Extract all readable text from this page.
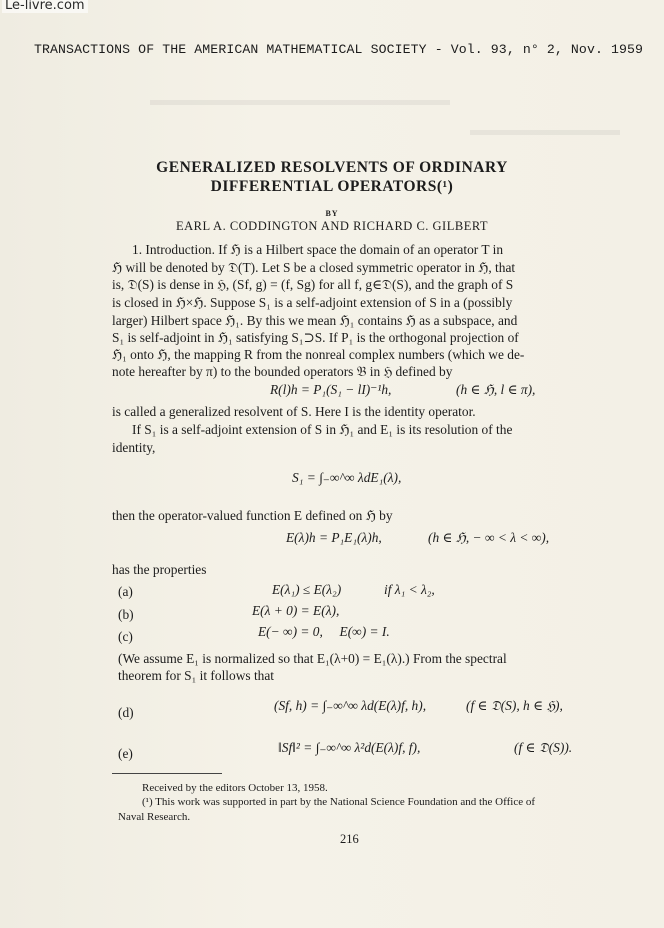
Le-livre.com
TRANSACTIONS OF THE AMERICAN MATHEMATICAL SOCIETY - Vol. 93, n° 2, Nov. 1959
GENERALIZED RESOLVENTS OF ORDINARY
DIFFERENTIAL OPERATORS(¹)
BY
EARL A. CODDINGTON AND RICHARD C. GILBERT
1. Introduction. If ℌ is a Hilbert space the domain of an operator T in
ℌ will be denoted by 𝔇(T). Let S be a closed symmetric operator in ℌ, that
is, 𝔇(S) is dense in ℌ, (Sf, g) = (f, Sg) for all f, g∈𝔇(S), and the graph of S
is closed in ℌ×ℌ. Suppose S₁ is a self-adjoint extension of S in a (possibly
larger) Hilbert space ℌ₁. By this we mean ℌ₁ contains ℌ as a subspace, and
S₁ is self-adjoint in ℌ₁ satisfying S₁⊃S. If P₁ is the orthogonal projection of
ℌ₁ onto ℌ, the mapping R from the nonreal complex numbers (which we de-
note hereafter by π) to the bounded operators 𝔅 in ℌ defined by
R(l)h = P₁(S₁ − lI)⁻¹h,	(h ∈ ℌ, l ∈ π),
is called a generalized resolvent of S. Here I is the identity operator.
If S₁ is a self-adjoint extension of S in ℌ₁ and E₁ is its resolution of the
identity,
S₁ = ∫₋∞^∞ λdE₁(λ),
then the operator-valued function E defined on ℌ by
E(λ)h = P₁E₁(λ)h,	(h ∈ ℌ, − ∞ < λ < ∞),
has the properties
(a)	E(λ₁) ≤ E(λ₂)	if λ₁ < λ₂,
(b)	E(λ + 0) = E(λ),
(c)	E(− ∞) = 0,     E(∞) = I.
(We assume E₁ is normalized so that E₁(λ+0) = E₁(λ).) From the spectral
theorem for S₁ it follows that
(d)	(Sf, h) = ∫₋∞^∞ λd(E(λ)f, h),	(f ∈ 𝔇(S), h ∈ ℌ),
(e)	‖Sf‖² = ∫₋∞^∞ λ²d(E(λ)f, f),	(f ∈ 𝔇(S)).
Received by the editors October 13, 1958.
(¹) This work was supported in part by the National Science Foundation and the Office of
Naval Research.
216
